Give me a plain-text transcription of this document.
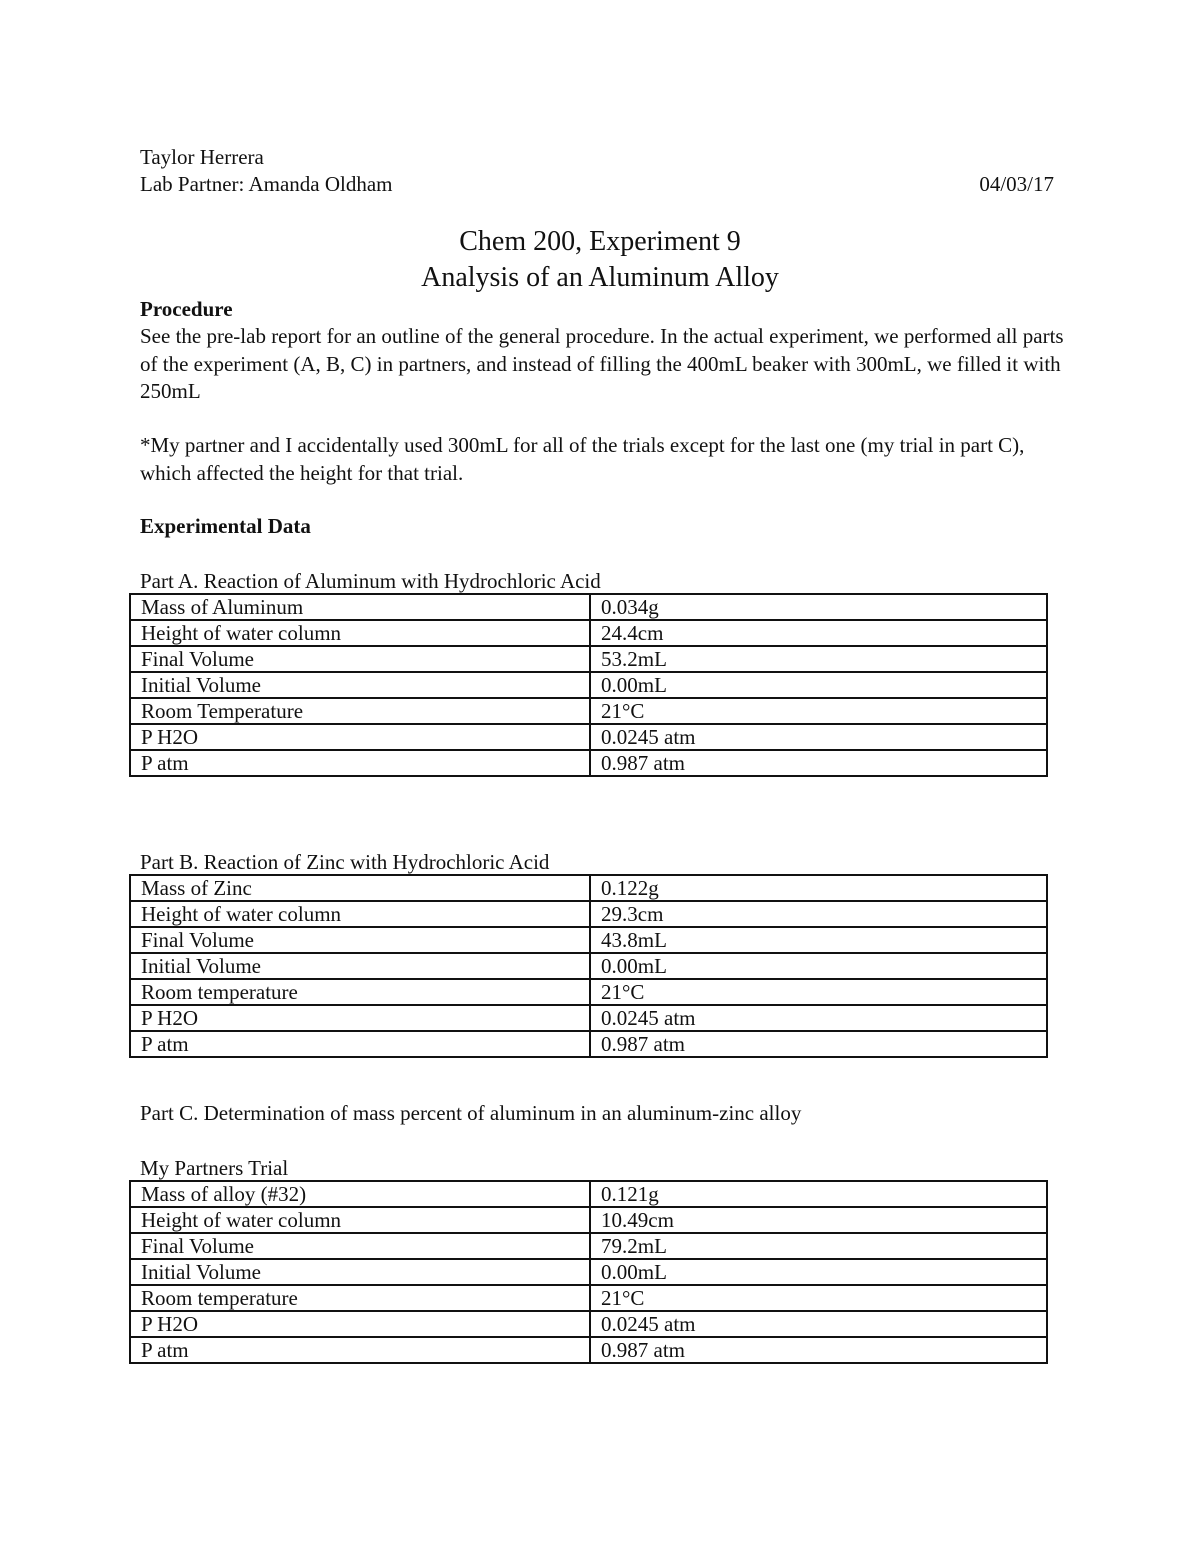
Taylor Herrera
Lab Partner: Amanda Oldham	04/03/17
Chem 200, Experiment 9
Analysis of an Aluminum Alloy
Procedure
See the pre-lab report for an outline of the general procedure. In the actual experiment, we performed all parts of the experiment (A, B, C) in partners, and instead of filling the 400mL beaker with 300mL, we filled it with 250mL
*My partner and I accidentally used 300mL for all of the trials except for the last one (my trial in part C), which affected the height for that trial.
Experimental Data
Part A. Reaction of Aluminum with Hydrochloric Acid
Mass of Aluminum	0.034g
Height of water column	24.4cm
Final Volume	53.2mL
Initial Volume	0.00mL
Room Temperature	21°C
P H2O	0.0245 atm
P atm	0.987 atm
Part B. Reaction of Zinc with Hydrochloric Acid
Mass of Zinc	0.122g
Height of water column	29.3cm
Final Volume	43.8mL
Initial Volume	0.00mL
Room temperature	21°C
P H2O	0.0245 atm
P atm	0.987 atm
Part C. Determination of mass percent of aluminum in an aluminum-zinc alloy
My Partners Trial
Mass of alloy (#32)	0.121g
Height of water column	10.49cm
Final Volume	79.2mL
Initial Volume	0.00mL
Room temperature	21°C
P H2O	0.0245 atm
P atm	0.987 atm
